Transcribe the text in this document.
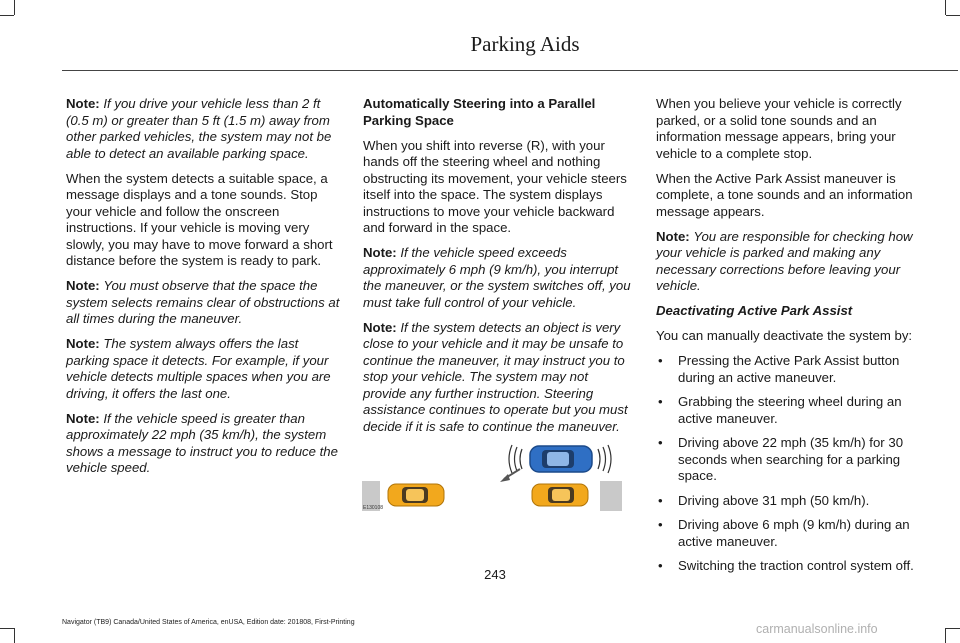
Parking Aids

Note: If you drive your vehicle less than 2 ft (0.5 m) or greater than 5 ft (1.5 m) away from other parked vehicles, the system may not be able to detect an available parking space.

When the system detects a suitable space, a message displays and a tone sounds. Stop your vehicle and follow the onscreen instructions. If your vehicle is moving very slowly, you may have to move forward a short distance before the system is ready to park.

Note: You must observe that the space the system selects remains clear of obstructions at all times during the maneuver.

Note: The system always offers the last parking space it detects. For example, if your vehicle detects multiple spaces when you are driving, it offers the last one.

Note: If the vehicle speed is greater than approximately 22 mph (35 km/h), the system shows a message to instruct you to reduce the vehicle speed.

Automatically Steering into a Parallel Parking Space

When you shift into reverse (R), with your hands off the steering wheel and nothing obstructing its movement, your vehicle steers itself into the space. The system displays instructions to move your vehicle backward and forward in the space.

Note: If the vehicle speed exceeds approximately 6 mph (9 km/h), you interrupt the maneuver, or the system switches off, you must take full control of your vehicle.

Note: If the system detects an object is very close to your vehicle and it may be unsafe to continue the maneuver, it may instruct you to stop your vehicle. The system may not provide any further instruction. Steering assistance continues to operate but you must decide if it is safe to continue the maneuver.

E130108

When you believe your vehicle is correctly parked, or a solid tone sounds and an information message appears, bring your vehicle to a complete stop.

When the Active Park Assist maneuver is complete, a tone sounds and an information message appears.

Note: You are responsible for checking how your vehicle is parked and making any necessary corrections before leaving your vehicle.

Deactivating Active Park Assist

You can manually deactivate the system by:

• Pressing the Active Park Assist button during an active maneuver.
• Grabbing the steering wheel during an active maneuver.
• Driving above 22 mph (35 km/h) for 30 seconds when searching for a parking space.
• Driving above 31 mph (50 km/h).
• Driving above 6 mph (9 km/h) during an active maneuver.
• Switching the traction control system off.
243
Navigator (TB9) Canada/United States of America, enUSA, Edition date: 201808, First-Printing	carmanualsonline.info
